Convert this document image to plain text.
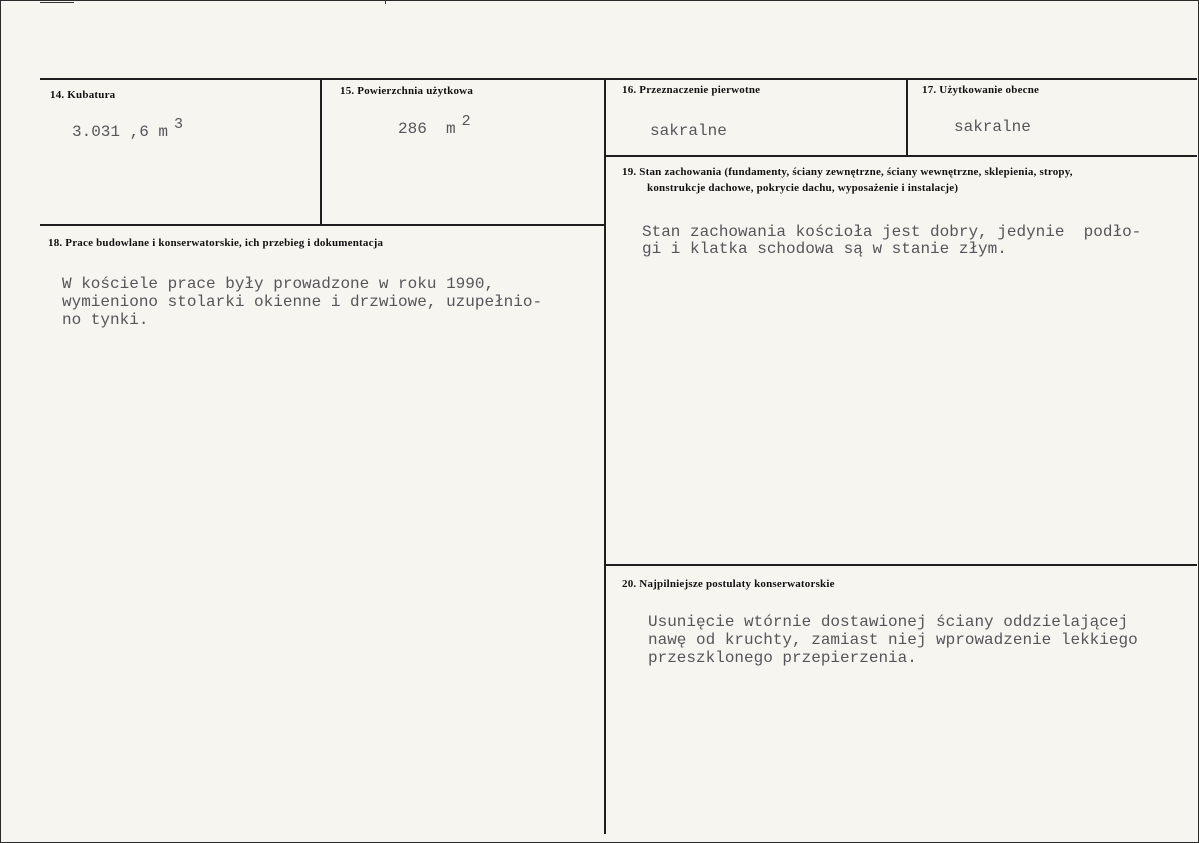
14. Kubatura
3.031 ,6 m 3
15. Powierzchnia użytkowa
286  m 2
16. Przeznaczenie pierwotne
sakralne
17. Użytkowanie obecne
sakralne
18. Prace budowlane i konserwatorskie, ich przebieg i dokumentacja
W kościele prace były prowadzone w roku 1990,
wymieniono stolarki okienne i drzwiowe, uzupełnio-
no tynki.
19. Stan zachowania (fundamenty, ściany zewnętrzne, ściany wewnętrzne, sklepienia, stropy,
konstrukcje dachowe, pokrycie dachu, wyposażenie i instalacje)
Stan zachowania kościoła jest dobry, jedynie  podło-
gi i klatka schodowa są w stanie złym.
20. Najpilniejsze postulaty konserwatorskie
Usunięcie wtórnie dostawionej ściany oddzielającej
nawę od kruchty, zamiast niej wprowadzenie lekkiego
przeszklonego przepierzenia.
